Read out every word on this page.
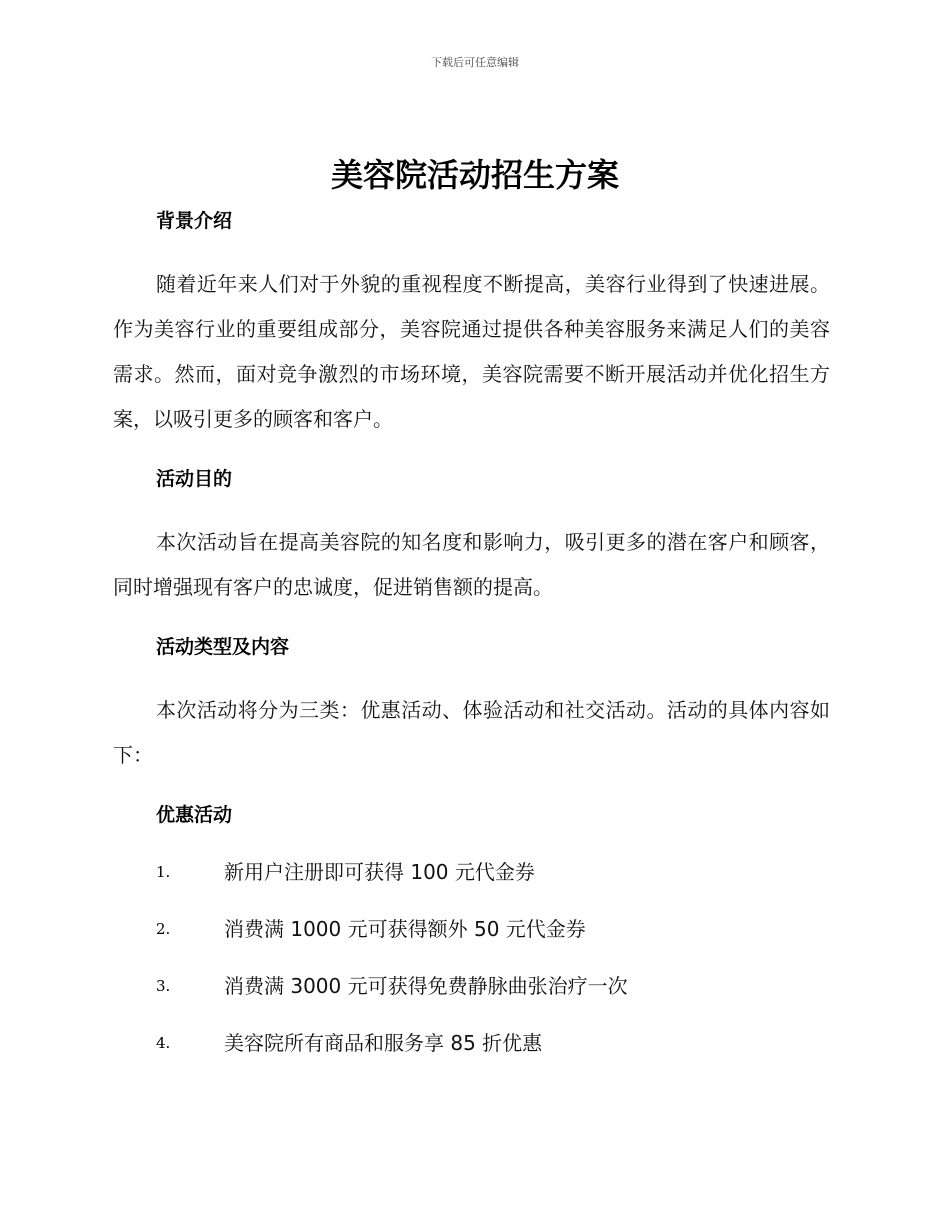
下载后可任意编辑
美容院活动招生方案
背景介绍

随着近年来人们对于外貌的重视程度不断提高，美容行业得到了快速进展。作为美容行业的重要组成部分，美容院通过提供各种美容服务来满足人们的美容需求。然而，面对竞争激烈的市场环境，美容院需要不断开展活动并优化招生方案，以吸引更多的顾客和客户。

活动目的

本次活动旨在提高美容院的知名度和影响力，吸引更多的潜在客户和顾客，同时增强现有客户的忠诚度，促进销售额的提高。

活动类型及内容

本次活动将分为三类：优惠活动、体验活动和社交活动。活动的具体内容如下：

优惠活动
1.	新用户注册即可获得 100 元代金券
2.	消费满 1000 元可获得额外 50 元代金券
3.	消费满 3000 元可获得免费静脉曲张治疗一次
4.	美容院所有商品和服务享 85 折优惠
